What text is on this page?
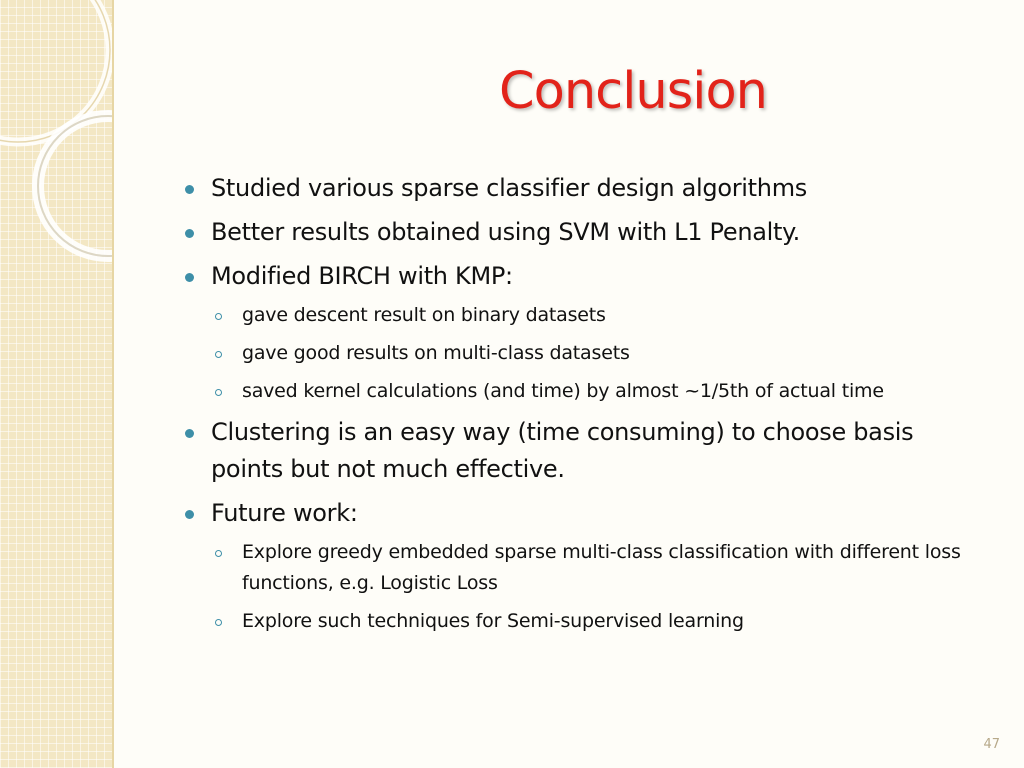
Conclusion
Studied various sparse classifier design algorithms
Better results obtained using SVM with L1 Penalty.
Modified BIRCH with KMP:
gave descent result on binary datasets
gave good results on multi-class datasets
saved kernel calculations (and time) by almost ~1/5th of actual time
Clustering is an easy way (time consuming) to choose basis points but not much effective.
Future work:
Explore greedy embedded sparse multi-class classification with different loss functions, e.g. Logistic Loss
Explore such techniques for Semi-supervised learning
47
